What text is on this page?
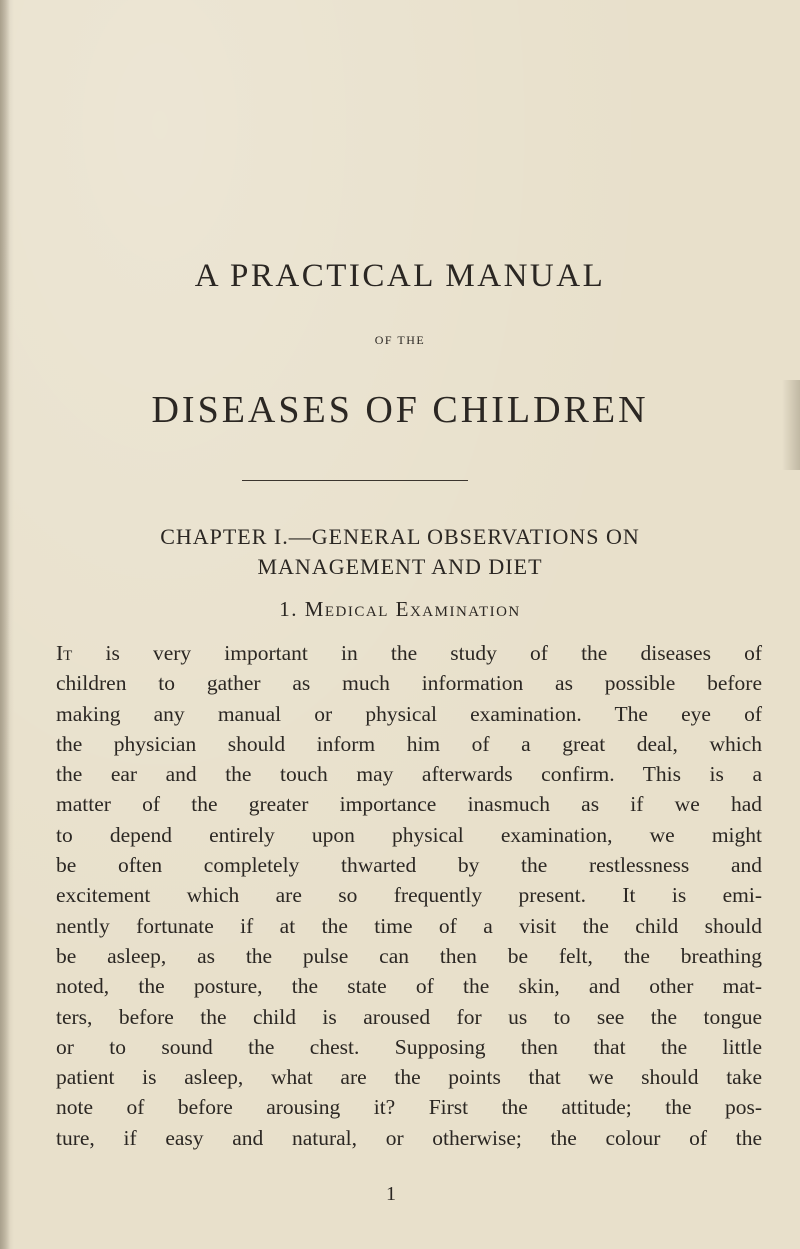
A PRACTICAL MANUAL
OF THE
DISEASES OF CHILDREN
CHAPTER I.—GENERAL OBSERVATIONS ON
MANAGEMENT AND DIET
1. Medical Examination
It is very important in the study of the diseases of
children to gather as much information as possible before
making any manual or physical examination. The eye of
the physician should inform him of a great deal, which
the ear and the touch may afterwards confirm. This is a
matter of the greater importance inasmuch as if we had
to depend entirely upon physical examination, we might
be often completely thwarted by the restlessness and
excitement which are so frequently present. It is emi-
nently fortunate if at the time of a visit the child should
be asleep, as the pulse can then be felt, the breathing
noted, the posture, the state of the skin, and other mat-
ters, before the child is aroused for us to see the tongue
or to sound the chest. Supposing then that the little
patient is asleep, what are the points that we should take
note of before arousing it? First the attitude; the pos-
ture, if easy and natural, or otherwise; the colour of the
1
